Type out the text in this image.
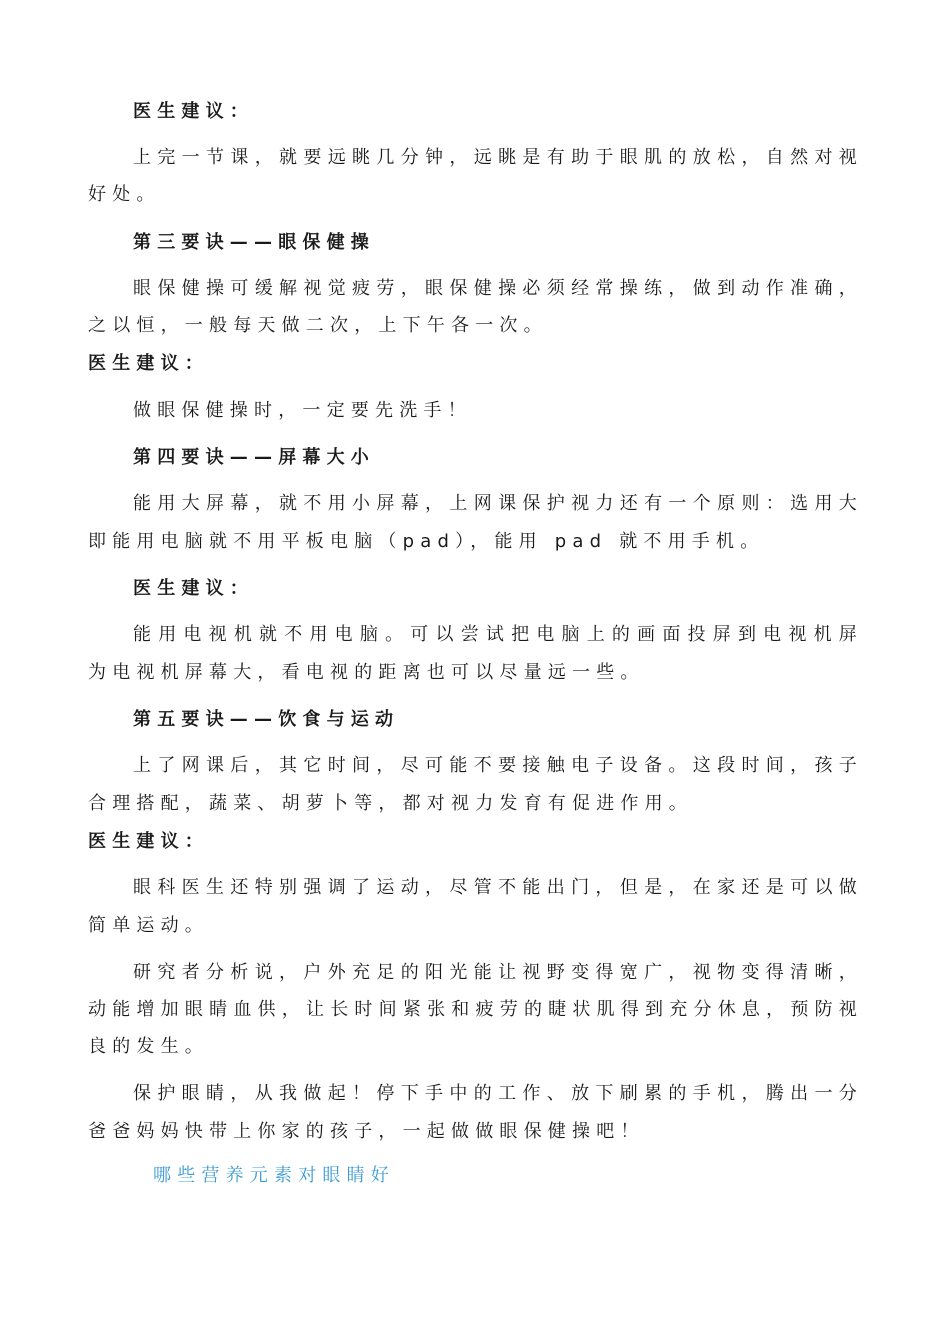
医生建议：
上完一节课，就要远眺几分钟，远眺是有助于眼肌的放松，自然对视
好处。
第三要诀——眼保健操
眼保健操可缓解视觉疲劳，眼保健操必须经常操练，做到动作准确，
之以恒，一般每天做二次，上下午各一次。
医生建议：
做眼保健操时，一定要先洗手！
第四要诀——屏幕大小
能用大屏幕，就不用小屏幕，上网课保护视力还有一个原则：选用大
即能用电脑就不用平板电脑（pad），能用 pad 就不用手机。
医生建议：
能用电视机就不用电脑。可以尝试把电脑上的画面投屏到电视机屏
为电视机屏幕大，看电视的距离也可以尽量远一些。
第五要诀——饮食与运动
上了网课后，其它时间，尽可能不要接触电子设备。这段时间，孩子
合理搭配，蔬菜、胡萝卜等，都对视力发育有促进作用。
医生建议：
眼科医生还特别强调了运动，尽管不能出门，但是，在家还是可以做
简单运动。
研究者分析说，户外充足的阳光能让视野变得宽广，视物变得清晰，
动能增加眼睛血供，让长时间紧张和疲劳的睫状肌得到充分休息，预防视
良的发生。
保护眼睛，从我做起！停下手中的工作、放下刷累的手机，腾出一分
爸爸妈妈快带上你家的孩子，一起做做眼保健操吧！
哪些营养元素对眼睛好
